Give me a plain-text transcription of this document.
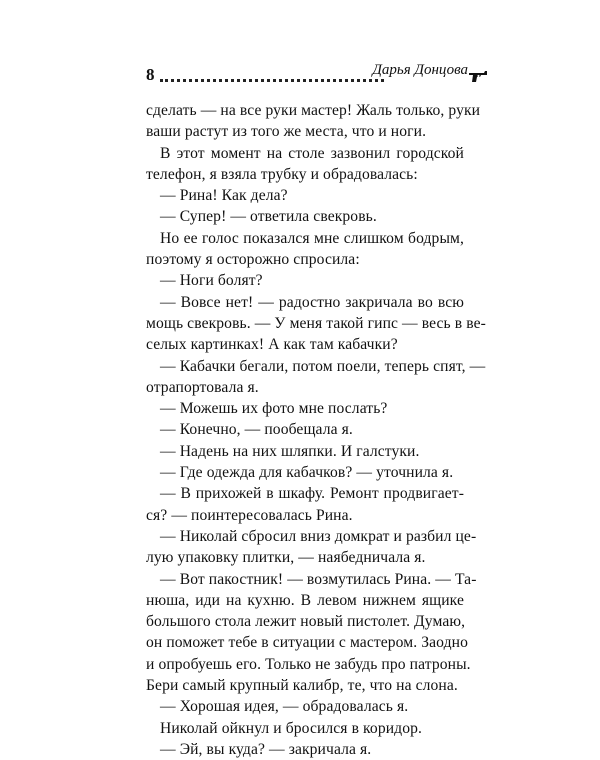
8	Дарья Донцова
сделать — на все руки мастер! Жаль только, руки
ваши растут из того же места, что и ноги.
В этот момент на столе зазвонил городской
телефон, я взяла трубку и обрадовалась:
— Рина! Как дела?
— Супер! — ответила свекровь.
Но ее голос показался мне слишком бодрым,
поэтому я осторожно спросила:
— Ноги болят?
— Вовсе нет! — радостно закричала во всю
мощь свекровь. — У меня такой гипс — весь в ве-
селых картинках! А как там кабачки?
— Кабачки бегали, потом поели, теперь спят, —
отрапортовала я.
— Можешь их фото мне послать?
— Конечно, — пообещала я.
— Надень на них шляпки. И галстуки.
— Где одежда для кабачков? — уточнила я.
— В прихожей в шкафу. Ремонт продвигает-
ся? — поинтересовалась Рина.
— Николай сбросил вниз домкрат и разбил це-
лую упаковку плитки, — наябедничала я.
— Вот пакостник! — возмутилась Рина. — Та-
нюша, иди на кухню. В левом нижнем ящике
большого стола лежит новый пистолет. Думаю,
он поможет тебе в ситуации с мастером. Заодно
и опробуешь его. Только не забудь про патроны.
Бери самый крупный калибр, те, что на слона.
— Хорошая идея, — обрадовалась я.
Николай ойкнул и бросился в коридор.
— Эй, вы куда? — закричала я.
